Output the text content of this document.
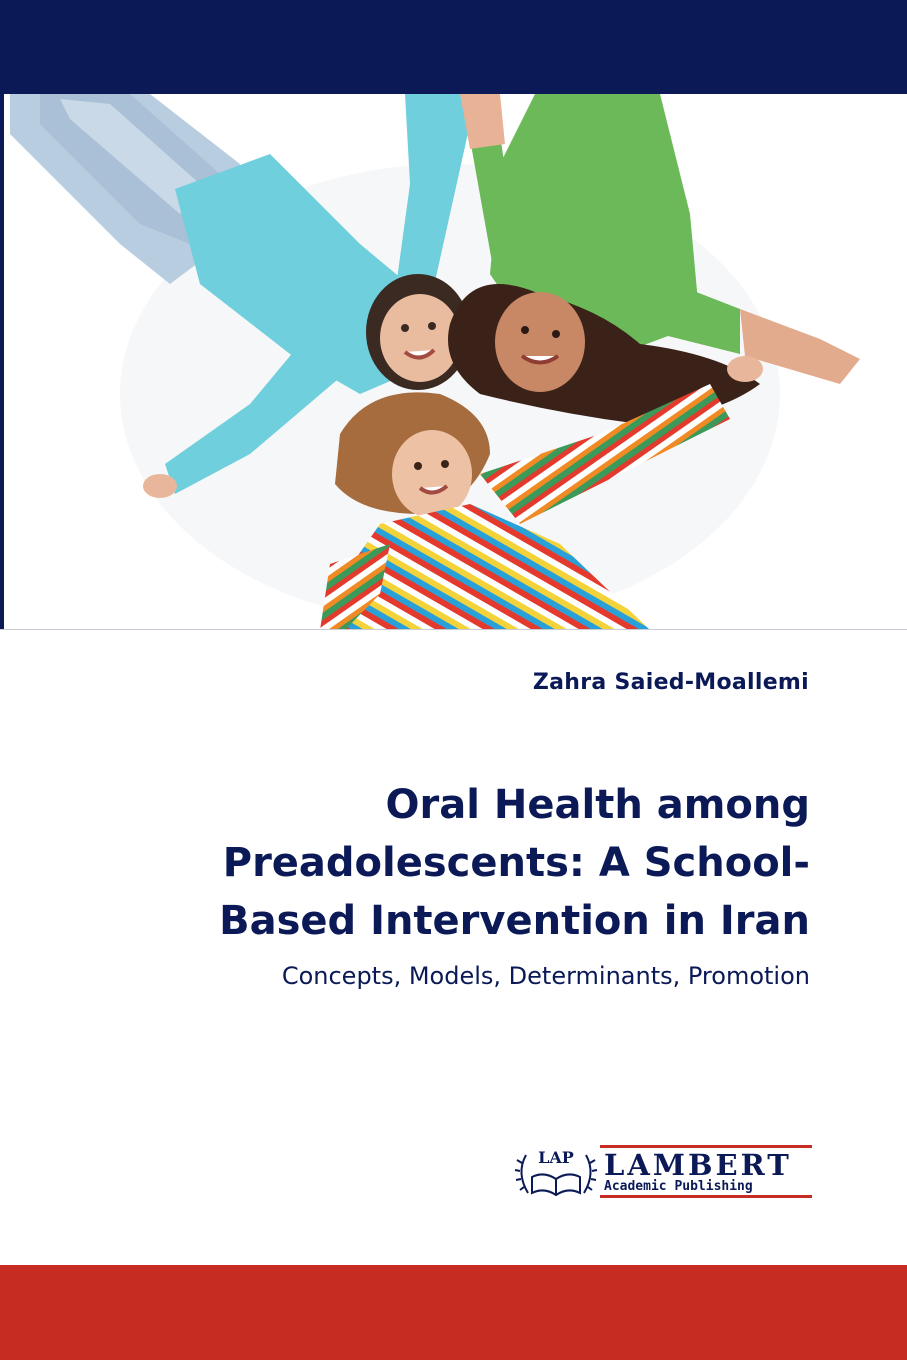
Zahra Saied-Moallemi
Oral Health among Preadolescents: A School-Based Intervention in Iran
Concepts, Models, Determinants, Promotion
LAP LAMBERT
Academic Publishing
